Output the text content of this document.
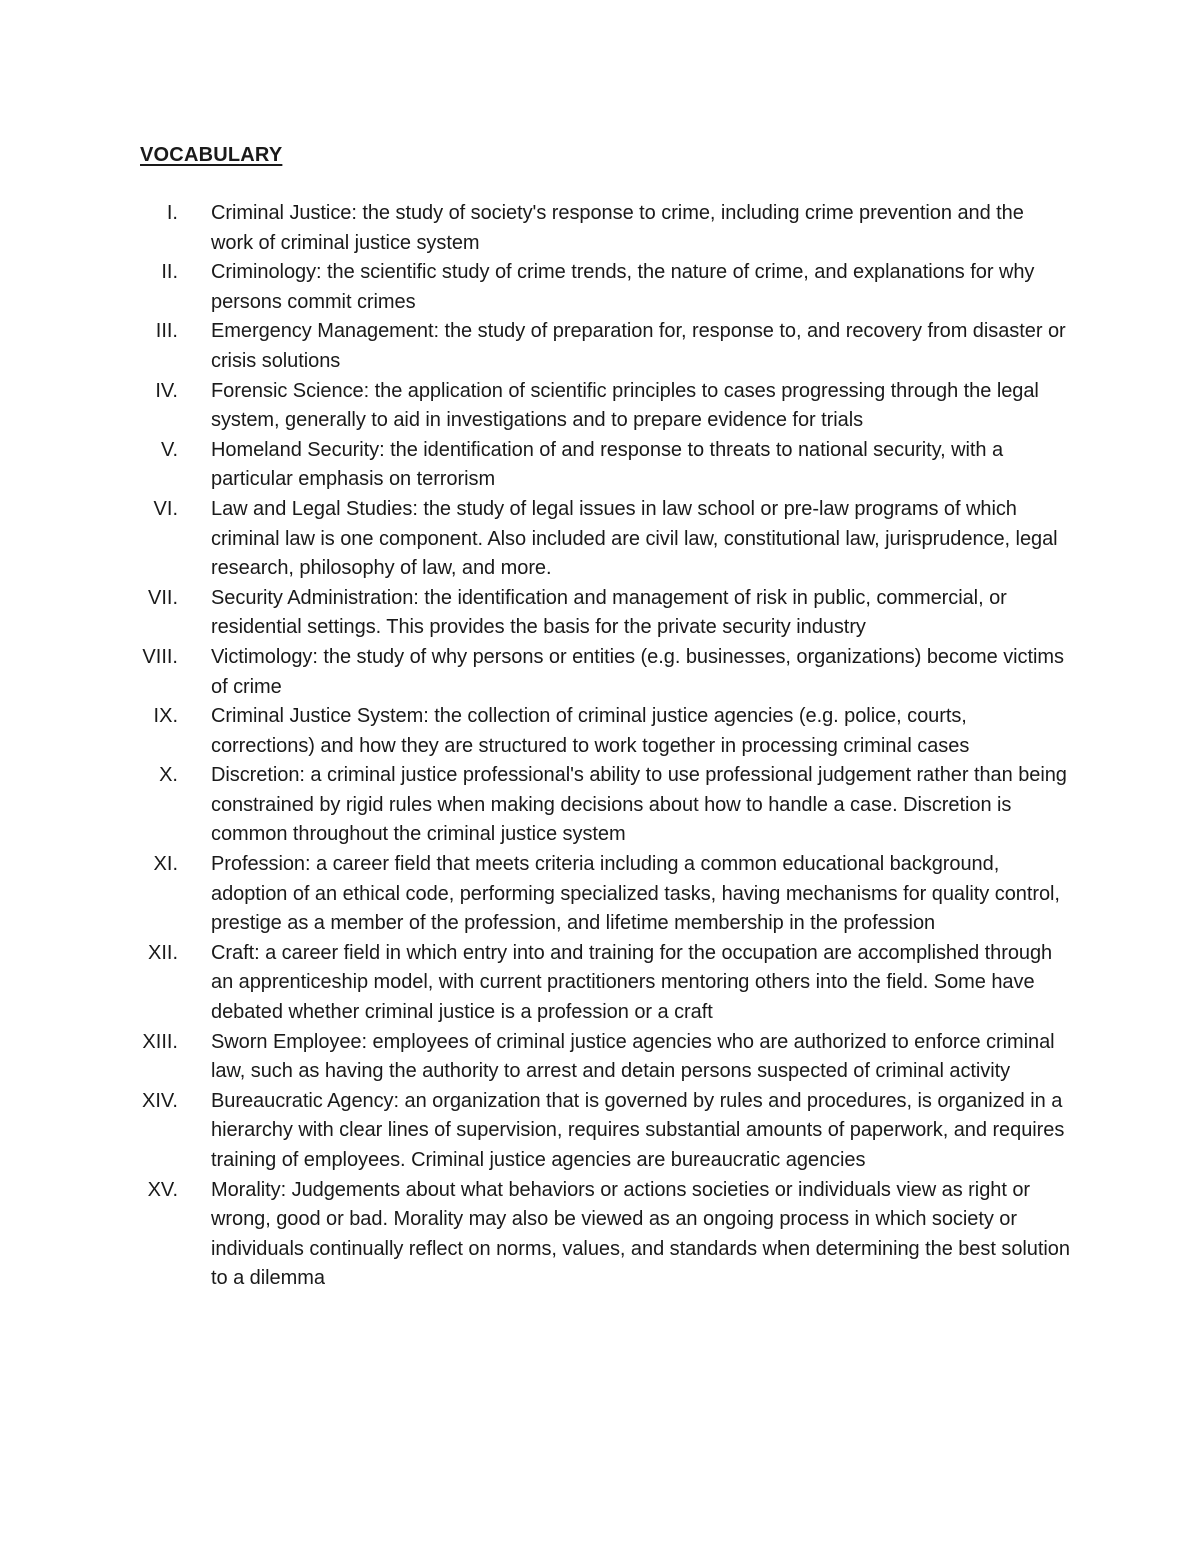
VOCABULARY
I. Criminal Justice: the study of society's response to crime, including crime prevention and the work of criminal justice system
II. Criminology: the scientific study of crime trends, the nature of crime, and explanations for why persons commit crimes
III. Emergency Management: the study of preparation for, response to, and recovery from disaster or crisis solutions
IV. Forensic Science: the application of scientific principles to cases progressing through the legal system, generally to aid in investigations and to prepare evidence for trials
V. Homeland Security: the identification of and response to threats to national security, with a particular emphasis on terrorism
VI. Law and Legal Studies: the study of legal issues in law school or pre-law programs of which criminal law is one component. Also included are civil law, constitutional law, jurisprudence, legal research, philosophy of law, and more.
VII. Security Administration: the identification and management of risk in public, commercial, or residential settings. This provides the basis for the private security industry
VIII. Victimology: the study of why persons or entities (e.g. businesses, organizations) become victims of crime
IX. Criminal Justice System: the collection of criminal justice agencies (e.g. police, courts, corrections) and how they are structured to work together in processing criminal cases
X. Discretion: a criminal justice professional's ability to use professional judgement rather than being constrained by rigid rules when making decisions about how to handle a case. Discretion is common throughout the criminal justice system
XI. Profession: a career field that meets criteria including a common educational background, adoption of an ethical code, performing specialized tasks, having mechanisms for quality control, prestige as a member of the profession, and lifetime membership in the profession
XII. Craft: a career field in which entry into and training for the occupation are accomplished through an apprenticeship model, with current practitioners mentoring others into the field. Some have debated whether criminal justice is a profession or a craft
XIII. Sworn Employee: employees of criminal justice agencies who are authorized to enforce criminal law, such as having the authority to arrest and detain persons suspected of criminal activity
XIV. Bureaucratic Agency: an organization that is governed by rules and procedures, is organized in a hierarchy with clear lines of supervision, requires substantial amounts of paperwork, and requires training of employees. Criminal justice agencies are bureaucratic agencies
XV. Morality: Judgements about what behaviors or actions societies or individuals view as right or wrong, good or bad. Morality may also be viewed as an ongoing process in which society or individuals continually reflect on norms, values, and standards when determining the best solution to a dilemma
